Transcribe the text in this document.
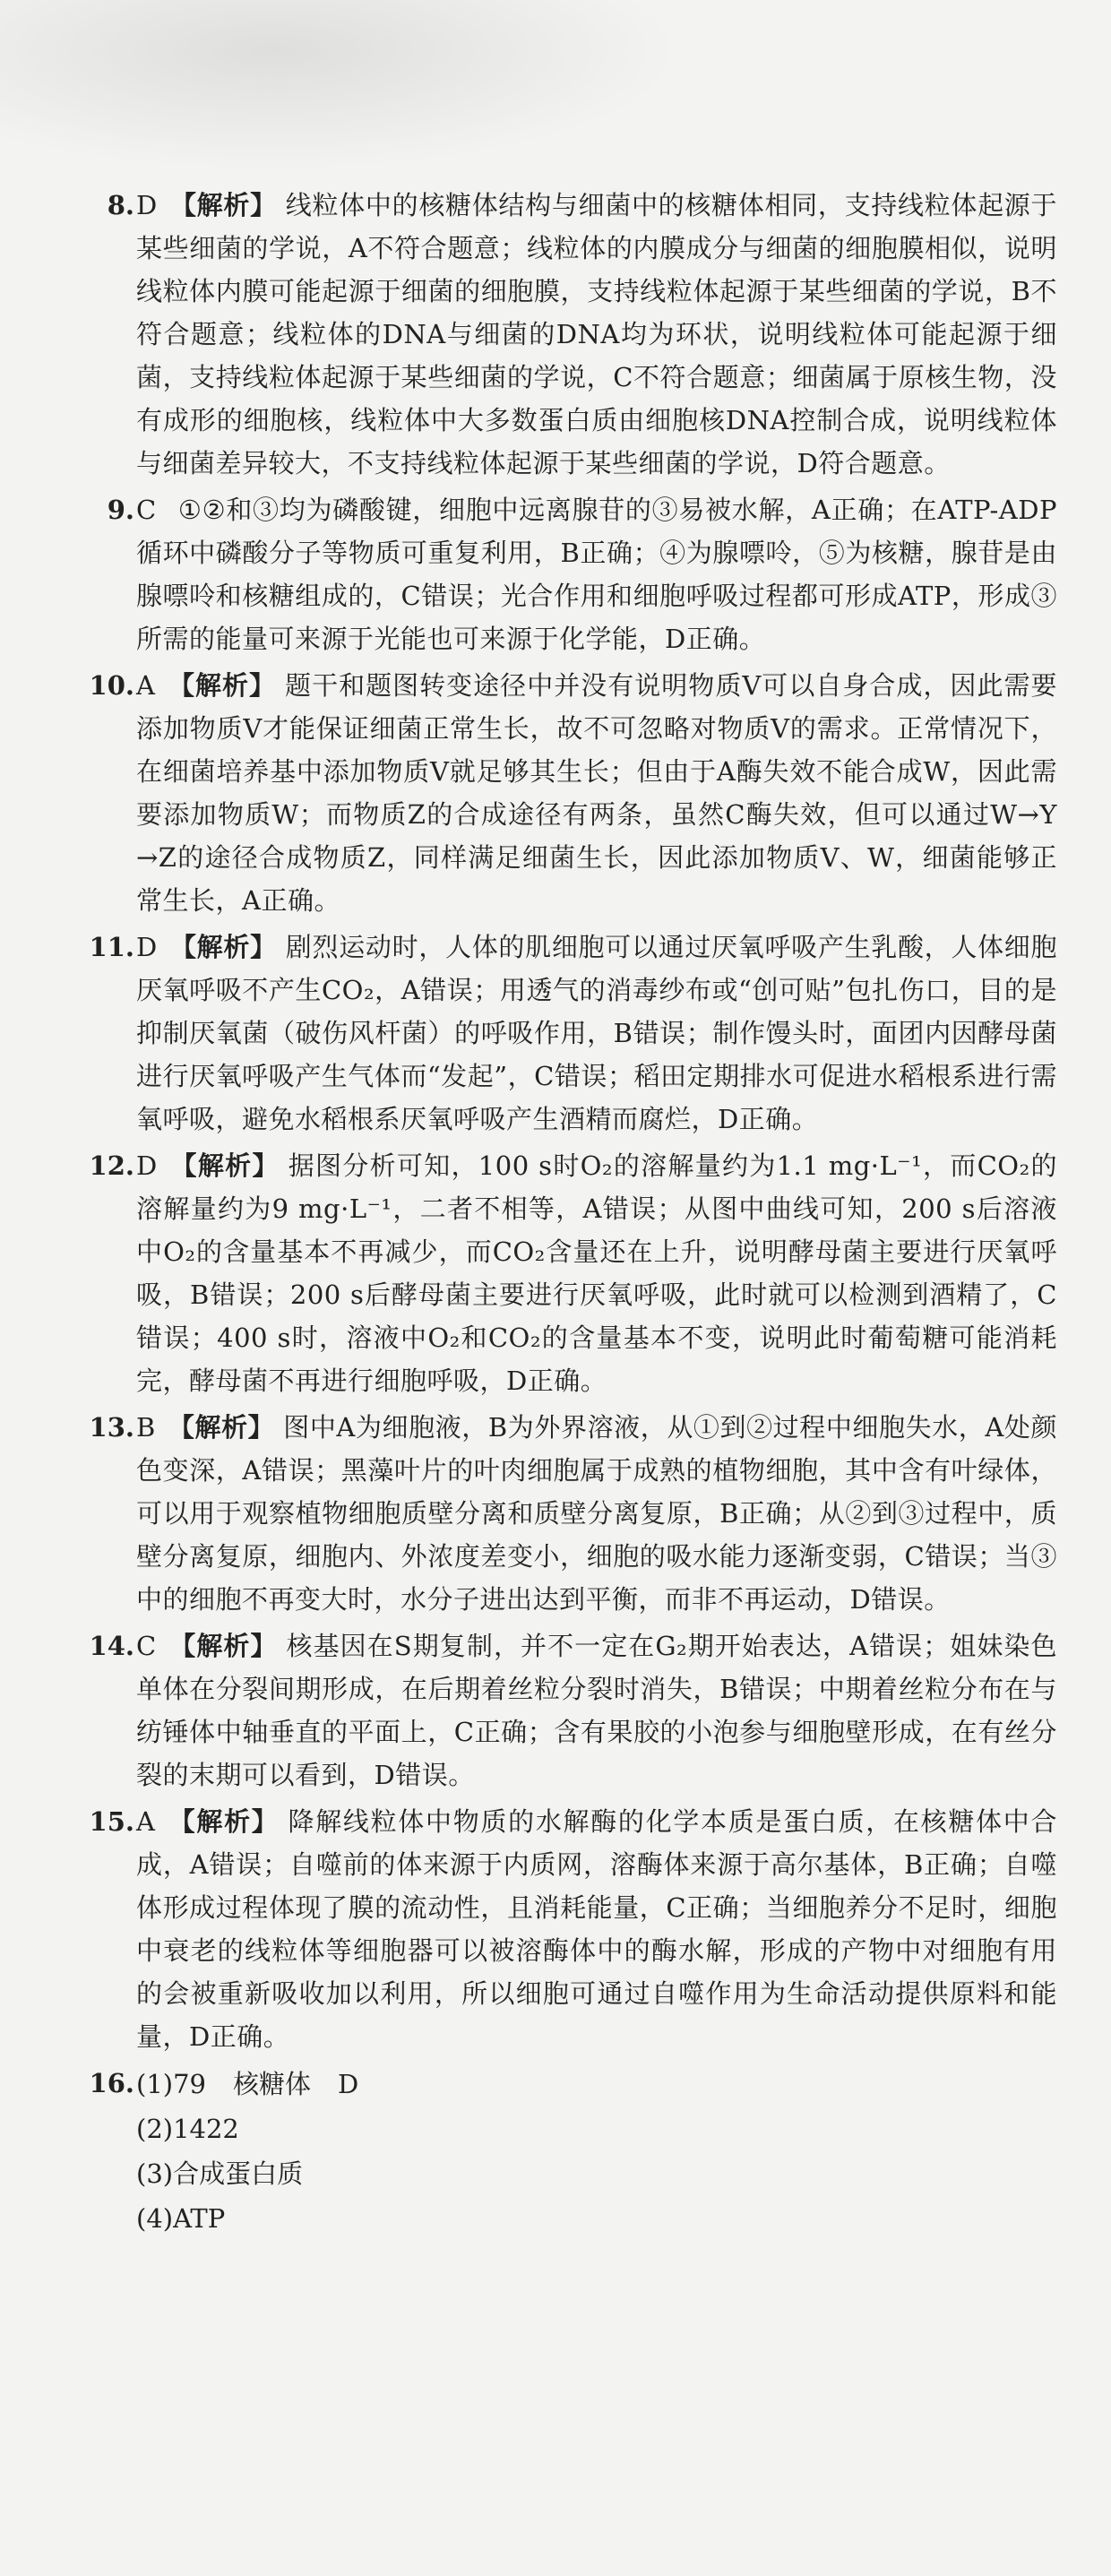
8. D 【解析】 线粒体中的核糖体结构与细菌中的核糖体相同，支持线粒体起源于某些细菌的学说，A不符合题意；线粒体的内膜成分与细菌的细胞膜相似，说明线粒体内膜可能起源于细菌的细胞膜，支持线粒体起源于某些细菌的学说，B不符合题意；线粒体的DNA与细菌的DNA均为环状，说明线粒体可能起源于细菌，支持线粒体起源于某些细菌的学说，C不符合题意；细菌属于原核生物，没有成形的细胞核，线粒体中大多数蛋白质由细胞核DNA控制合成，说明线粒体与细菌差异较大，不支持线粒体起源于某些细菌的学说，D符合题意。
9. C ①②和③均为磷酸键，细胞中远离腺苷的③易被水解，A正确；在ATP-ADP循环中磷酸分子等物质可重复利用，B正确；④为腺嘌呤，⑤为核糖，腺苷是由腺嘌呤和核糖组成的，C错误；光合作用和细胞呼吸过程都可形成ATP，形成③所需的能量可来源于光能也可来源于化学能，D正确。
10. A 【解析】 题干和题图转变途径中并没有说明物质V可以自身合成，因此需要添加物质V才能保证细菌正常生长，故不可忽略对物质V的需求。正常情况下，在细菌培养基中添加物质V就足够其生长；但由于A酶失效不能合成W，因此需要添加物质W；而物质Z的合成途径有两条，虽然C酶失效，但可以通过W→Y→Z的途径合成物质Z，同样满足细菌生长，因此添加物质V、W，细菌能够正常生长，A正确。
11. D 【解析】 剧烈运动时，人体的肌细胞可以通过厌氧呼吸产生乳酸，人体细胞厌氧呼吸不产生CO₂，A错误；用透气的消毒纱布或“创可贴”包扎伤口，目的是抑制厌氧菌（破伤风杆菌）的呼吸作用，B错误；制作馒头时，面团内因酵母菌进行厌氧呼吸产生气体而“发起”，C错误；稻田定期排水可促进水稻根系进行需氧呼吸，避免水稻根系厌氧呼吸产生酒精而腐烂，D正确。
12. D 【解析】 据图分析可知，100 s时O₂的溶解量约为1.1 mg·L⁻¹，而CO₂的溶解量约为9 mg·L⁻¹，二者不相等，A错误；从图中曲线可知，200 s后溶液中O₂的含量基本不再减少，而CO₂含量还在上升，说明酵母菌主要进行厌氧呼吸，B错误；200 s后酵母菌主要进行厌氧呼吸，此时就可以检测到酒精了，C错误；400 s时，溶液中O₂和CO₂的含量基本不变，说明此时葡萄糖可能消耗完，酵母菌不再进行细胞呼吸，D正确。
13. B 【解析】 图中A为细胞液，B为外界溶液，从①到②过程中细胞失水，A处颜色变深，A错误；黑藻叶片的叶肉细胞属于成熟的植物细胞，其中含有叶绿体，可以用于观察植物细胞质壁分离和质壁分离复原，B正确；从②到③过程中，质壁分离复原，细胞内、外浓度差变小，细胞的吸水能力逐渐变弱，C错误；当③中的细胞不再变大时，水分子进出达到平衡，而非不再运动，D错误。
14. C 【解析】 核基因在S期复制，并不一定在G₂期开始表达，A错误；姐妹染色单体在分裂间期形成，在后期着丝粒分裂时消失，B错误；中期着丝粒分布在与纺锤体中轴垂直的平面上，C正确；含有果胶的小泡参与细胞壁形成，在有丝分裂的末期可以看到，D错误。
15. A 【解析】 降解线粒体中物质的水解酶的化学本质是蛋白质，在核糖体中合成，A错误；自噬前的体来源于内质网，溶酶体来源于高尔基体，B正确；自噬体形成过程体现了膜的流动性，且消耗能量，C正确；当细胞养分不足时，细胞中衰老的线粒体等细胞器可以被溶酶体中的酶水解，形成的产物中对细胞有用的会被重新吸收加以利用，所以细胞可通过自噬作用为生命活动提供原料和能量，D正确。
16. (1)79 核糖体 D
(2)1422
(3)合成蛋白质
(4)ATP
